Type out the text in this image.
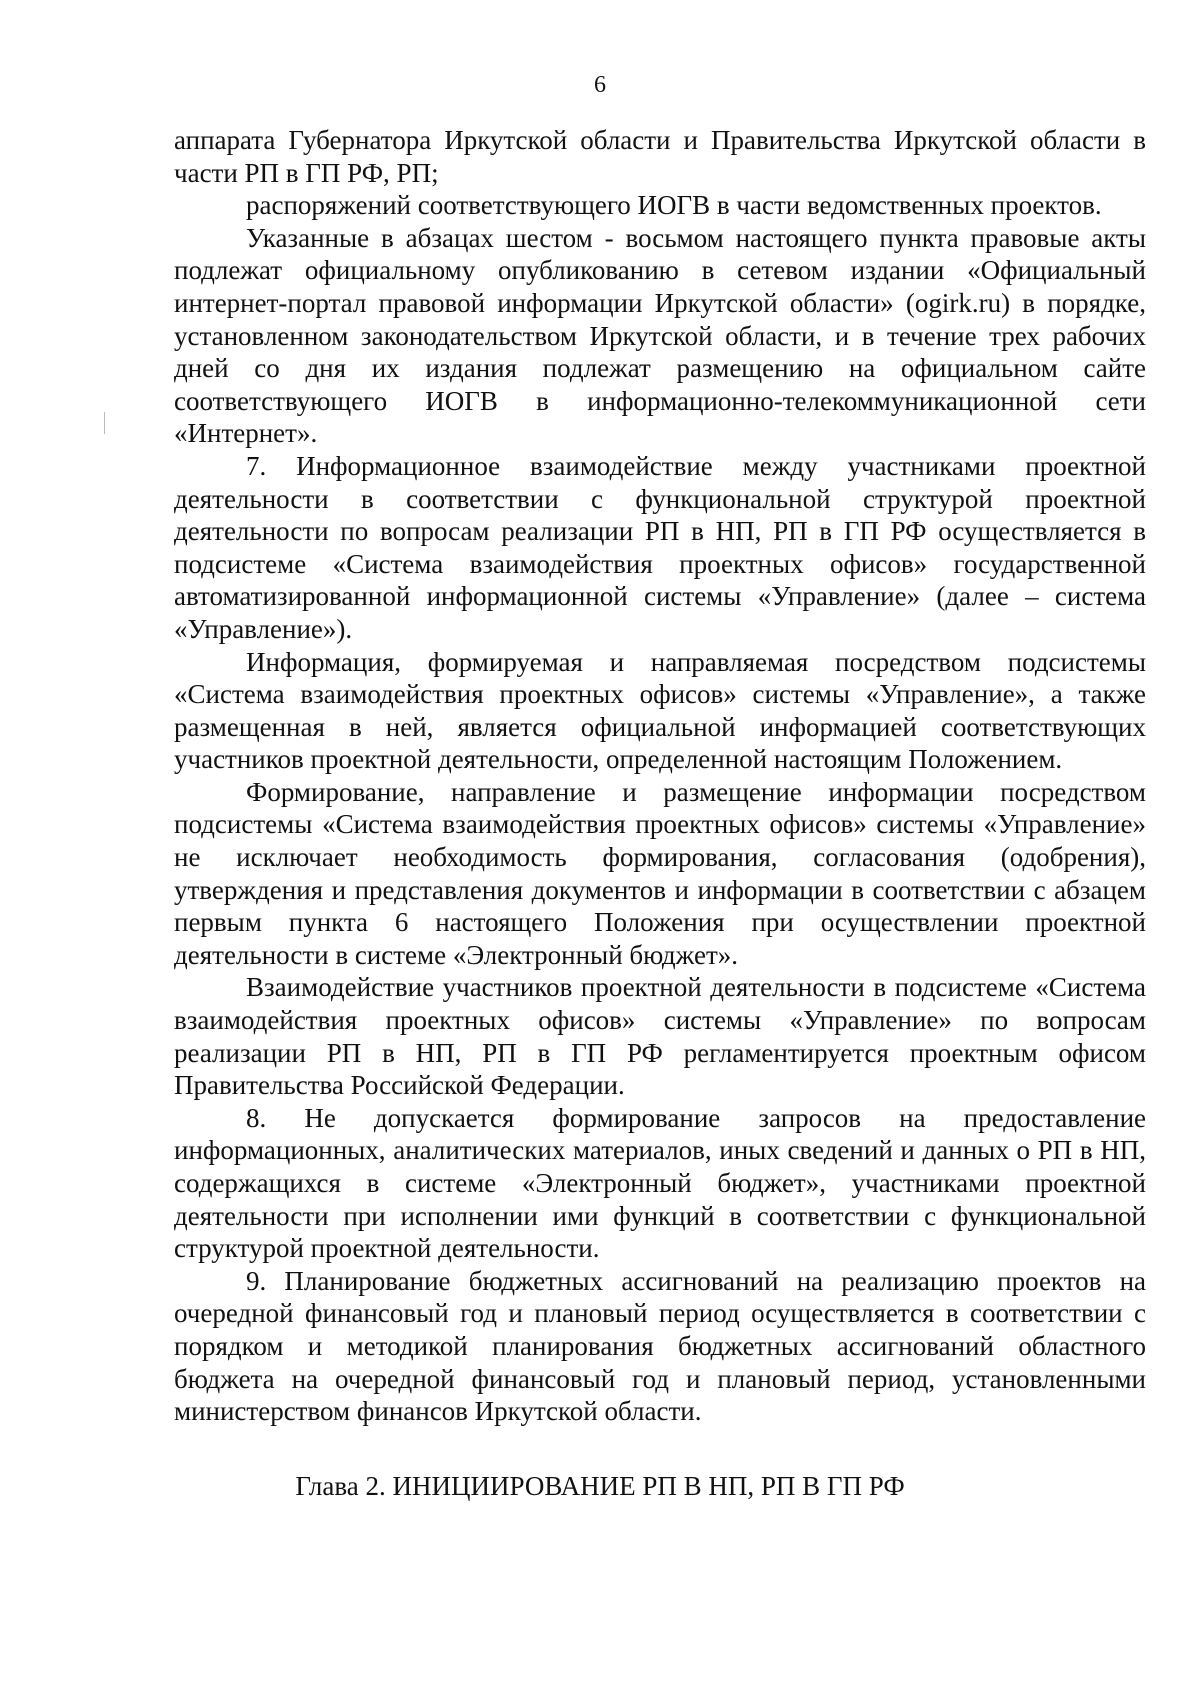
6

аппарата Губернатора Иркутской области и Правительства Иркутской области в части РП в ГП РФ, РП;

распоряжений соответствующего ИОГВ в части ведомственных проектов.

Указанные в абзацах шестом - восьмом настоящего пункта правовые акты подлежат официальному опубликованию в сетевом издании «Официальный интернет-портал правовой информации Иркутской области» (ogirk.ru) в порядке, установленном законодательством Иркутской области, и в течение трех рабочих дней со дня их издания подлежат размещению на официальном сайте соответствующего ИОГВ в информационно-телекоммуникационной сети «Интернет».

7. Информационное взаимодействие между участниками проектной деятельности в соответствии с функциональной структурой проектной деятельности по вопросам реализации РП в НП, РП в ГП РФ осуществляется в подсистеме «Система взаимодействия проектных офисов» государственной автоматизированной информационной системы «Управление» (далее – система «Управление»).

Информация, формируемая и направляемая посредством подсистемы «Система взаимодействия проектных офисов» системы «Управление», а также размещенная в ней, является официальной информацией соответствующих участников проектной деятельности, определенной настоящим Положением.

Формирование, направление и размещение информации посредством подсистемы «Система взаимодействия проектных офисов» системы «Управление» не исключает необходимость формирования, согласования (одобрения), утверждения и представления документов и информации в соответствии с абзацем первым пункта 6 настоящего Положения при осуществлении проектной деятельности в системе «Электронный бюджет».

Взаимодействие участников проектной деятельности в подсистеме «Система взаимодействия проектных офисов» системы «Управление» по вопросам реализации РП в НП, РП в ГП РФ регламентируется проектным офисом Правительства Российской Федерации.

8. Не допускается формирование запросов на предоставление информационных, аналитических материалов, иных сведений и данных о РП в НП, содержащихся в системе «Электронный бюджет», участниками проектной деятельности при исполнении ими функций в соответствии с функциональной структурой проектной деятельности.

9. Планирование бюджетных ассигнований на реализацию проектов на очередной финансовый год и плановый период осуществляется в соответствии с порядком и методикой планирования бюджетных ассигнований областного бюджета на очередной финансовый год и плановый период, установленными министерством финансов Иркутской области.

Глава 2. ИНИЦИИРОВАНИЕ РП В НП, РП В ГП РФ
